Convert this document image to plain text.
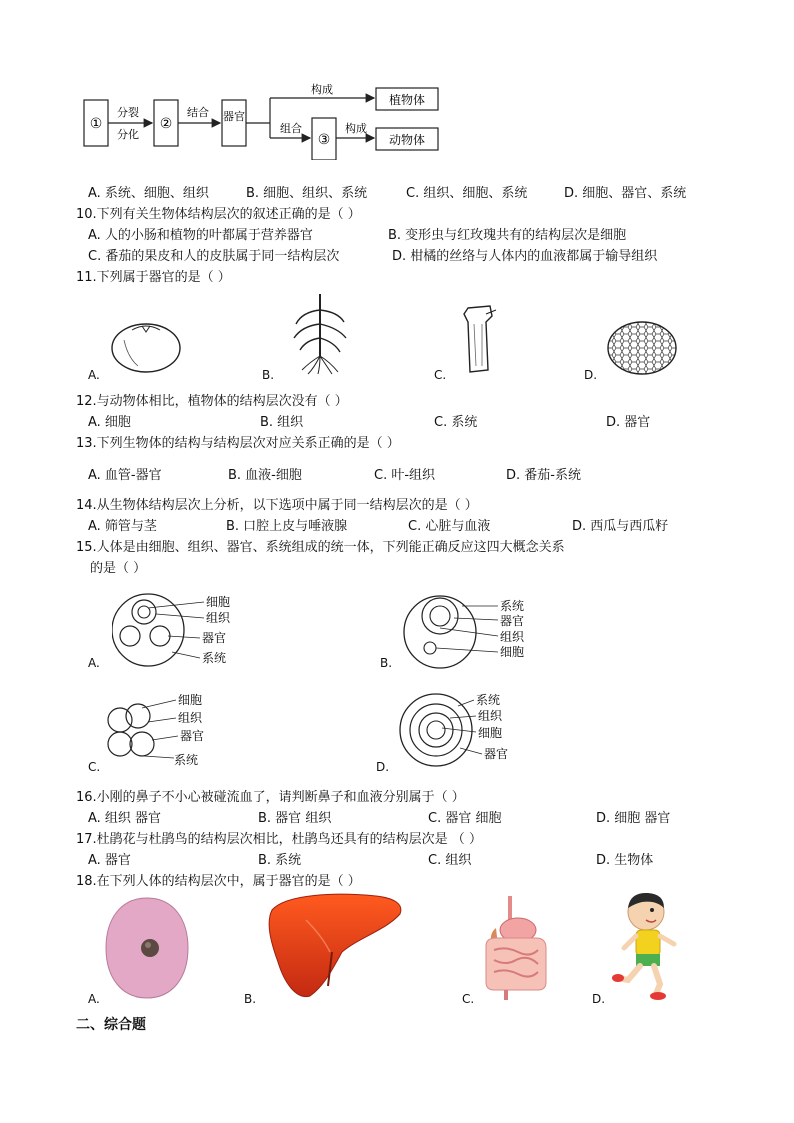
①
分裂
分化
②
结合 器官
构成
组合
③
构成
植物体
动物体
A. 系统、细胞、组织	B. 细胞、组织、系统	C. 组织、细胞、系统	D. 细胞、器官、系统
10.下列有关生物体结构层次的叙述正确的是（ ）
A. 人的小肠和植物的叶都属于营养器官	B. 变形虫与红玫瑰共有的结构层次是细胞
C. 番茄的果皮和人的皮肤属于同一结构层次	D. 柑橘的丝络与人体内的血液都属于输导组织
11.下列属于器官的是（ ）
A.	B.	C.	D.
12.与动物体相比，植物体的结构层次没有（ ）
A. 细胞	B. 组织	C. 系统	D. 器官
13.下列生物体的结构与结构层次对应关系正确的是（ ）
A. 血管-器官	B. 血液-细胞	C. 叶-组织	D. 番茄-系统
14.从生物体结构层次上分析，以下选项中属于同一结构层次的是（ ）
A. 筛管与茎	B. 口腔上皮与唾液腺	C. 心脏与血液	D. 西瓜与西瓜籽
15.人体是由细胞、组织、器官、系统组成的统一体，下列能正确反应这四大概念关系
的是（ ）
细胞
组织
器官
系统
A.
系统
器官
组织
细胞
B.
细胞
组织
器官
系统
C.
系统
组织
细胞
器官
D.
16.小刚的鼻子不小心被碰流血了，请判断鼻子和血液分别属于（ ）
A. 组织 器官	B. 器官 组织	C. 器官 细胞	D. 细胞 器官
17.杜鹃花与杜鹃鸟的结构层次相比，杜鹃鸟还具有的结构层次是 （ ）
A. 器官	B. 系统	C. 组织	D. 生物体
18.在下列人体的结构层次中，属于器官的是（ ）
A.	B.	C.	D.
二、综合题
